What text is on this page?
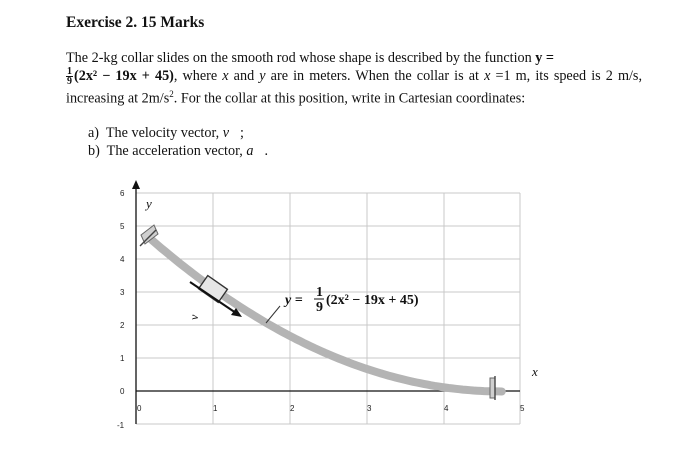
Exercise 2. 15 Marks
The 2-kg collar slides on the smooth rod whose shape is described by the function y =

$\frac{1}{9} (2x^2 - 19x + 45)$, where x and y are in meters. When the collar is at x =1 m, its speed is 2 m/s, increasing at $2m/s^2$. For the collar at this position, write in Cartesian coordinates:
a) The velocity vector, v⃗;
b) The acceleration vector, a⃗.
6
5
4
3
2
1
0
-1
0	1	2	3	4	5
y
x
v⃗
y =
1
9 (2x² − 19x + 45)
